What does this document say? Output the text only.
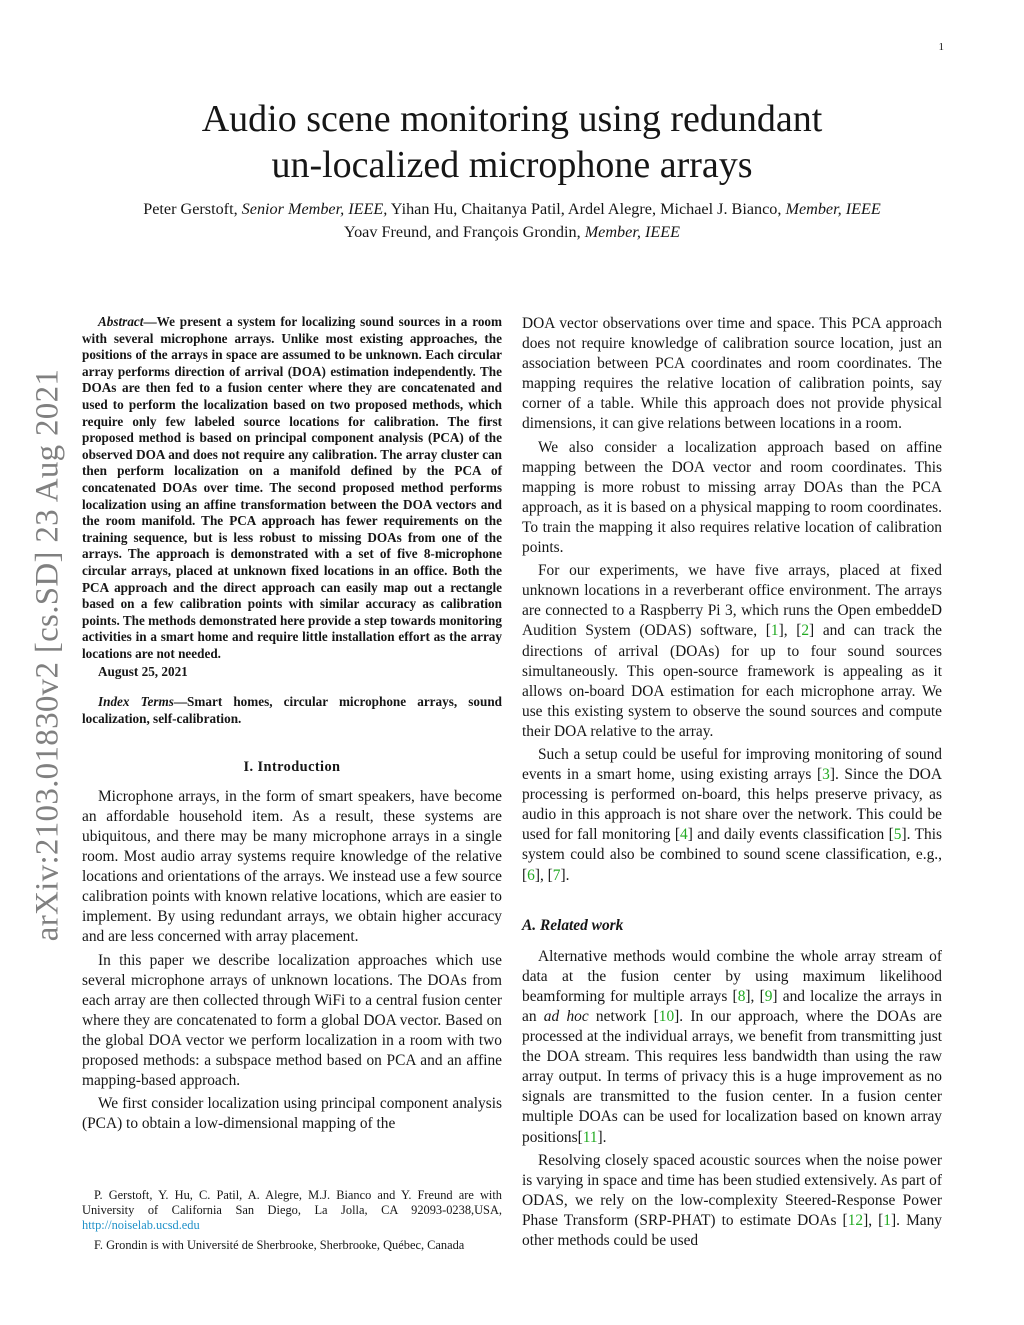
1
arXiv:2103.01830v2 [cs.SD] 23 Aug 2021
Audio scene monitoring using redundant
un-localized microphone arrays
Peter Gerstoft, Senior Member, IEEE, Yihan Hu, Chaitanya Patil, Ardel Alegre, Michael J. Bianco, Member, IEEE
Yoav Freund, and François Grondin, Member, IEEE

Abstract—We present a system for localizing sound sources in a room with several microphone arrays. Unlike most existing approaches, the positions of the arrays in space are assumed to be unknown. Each circular array performs direction of arrival (DOA) estimation independently. The DOAs are then fed to a fusion center where they are concatenated and used to perform the localization based on two proposed methods, which require only few labeled source locations for calibration. The first proposed method is based on principal component analysis (PCA) of the observed DOA and does not require any calibration. The array cluster can then perform localization on a manifold defined by the PCA of concatenated DOAs over time. The second proposed method performs localization using an affine transformation between the DOA vectors and the room manifold. The PCA approach has fewer requirements on the training sequence, but is less robust to missing DOAs from one of the arrays. The approach is demonstrated with a set of five 8-microphone circular arrays, placed at unknown fixed locations in an office. Both the PCA approach and the direct approach can easily map out a rectangle based on a few calibration points with similar accuracy as calibration points. The methods demonstrated here provide a step towards monitoring activities in a smart home and require little installation effort as the array locations are not needed.

August 25, 2021

Index Terms—Smart homes, circular microphone arrays, sound localization, self-calibration.

I. Introduction

Microphone arrays, in the form of smart speakers, have become an affordable household item. As a result, these systems are ubiquitous, and there may be many microphone arrays in a single room. Most audio array systems require knowledge of the relative locations and orientations of the arrays. We instead use a few source calibration points with known relative locations, which are easier to implement. By using redundant arrays, we obtain higher accuracy and are less concerned with array placement.

In this paper we describe localization approaches which use several microphone arrays of unknown locations. The DOAs from each array are then collected through WiFi to a central fusion center where they are concatenated to form a global DOA vector. Based on the global DOA vector we perform localization in a room with two proposed methods: a subspace method based on PCA and an affine mapping-based approach.

We first consider localization using principal component analysis (PCA) to obtain a low-dimensional mapping of the

P. Gerstoft, Y. Hu, C. Patil, A. Alegre, M.J. Bianco and Y. Freund are with University of California San Diego, La Jolla, CA 92093-0238,USA, http://noiselab.ucsd.edu

F. Grondin is with Université de Sherbrooke, Sherbrooke, Québec, Canada

DOA vector observations over time and space. This PCA approach does not require knowledge of calibration source location, just an association between PCA coordinates and room coordinates. The mapping requires the relative location of calibration points, say corner of a table. While this approach does not provide physical dimensions, it can give relations between locations in a room.

We also consider a localization approach based on affine mapping between the DOA vector and room coordinates. This mapping is more robust to missing array DOAs than the PCA approach, as it is based on a physical mapping to room coordinates. To train the mapping it also requires relative location of calibration points.

For our experiments, we have five arrays, placed at fixed unknown locations in a reverberant office environment. The arrays are connected to a Raspberry Pi 3, which runs the Open embeddeD Audition System (ODAS) software, [1], [2] and can track the directions of arrival (DOAs) for up to four sound sources simultaneously. This open-source framework is appealing as it allows on-board DOA estimation for each microphone array. We use this existing system to observe the sound sources and compute their DOA relative to the array.

Such a setup could be useful for improving monitoring of sound events in a smart home, using existing arrays [3]. Since the DOA processing is performed on-board, this helps preserve privacy, as audio in this approach is not share over the network. This could be used for fall monitoring [4] and daily events classification [5]. This system could also be combined to sound scene classification, e.g., [6], [7].

A. Related work

Alternative methods would combine the whole array stream of data at the fusion center by using maximum likelihood beamforming for multiple arrays [8], [9] and localize the arrays in an ad hoc network [10]. In our approach, where the DOAs are processed at the individual arrays, we benefit from transmitting just the DOA stream. This requires less bandwidth than using the raw array output. In terms of privacy this is a huge improvement as no signals are transmitted to the fusion center. In a fusion center multiple DOAs can be used for localization based on known array positions[11].

Resolving closely spaced acoustic sources when the noise power is varying in space and time has been studied extensively. As part of ODAS, we rely on the low-complexity Steered-Response Power Phase Transform (SRP-PHAT) to estimate DOAs [12], [1]. Many other methods could be used
